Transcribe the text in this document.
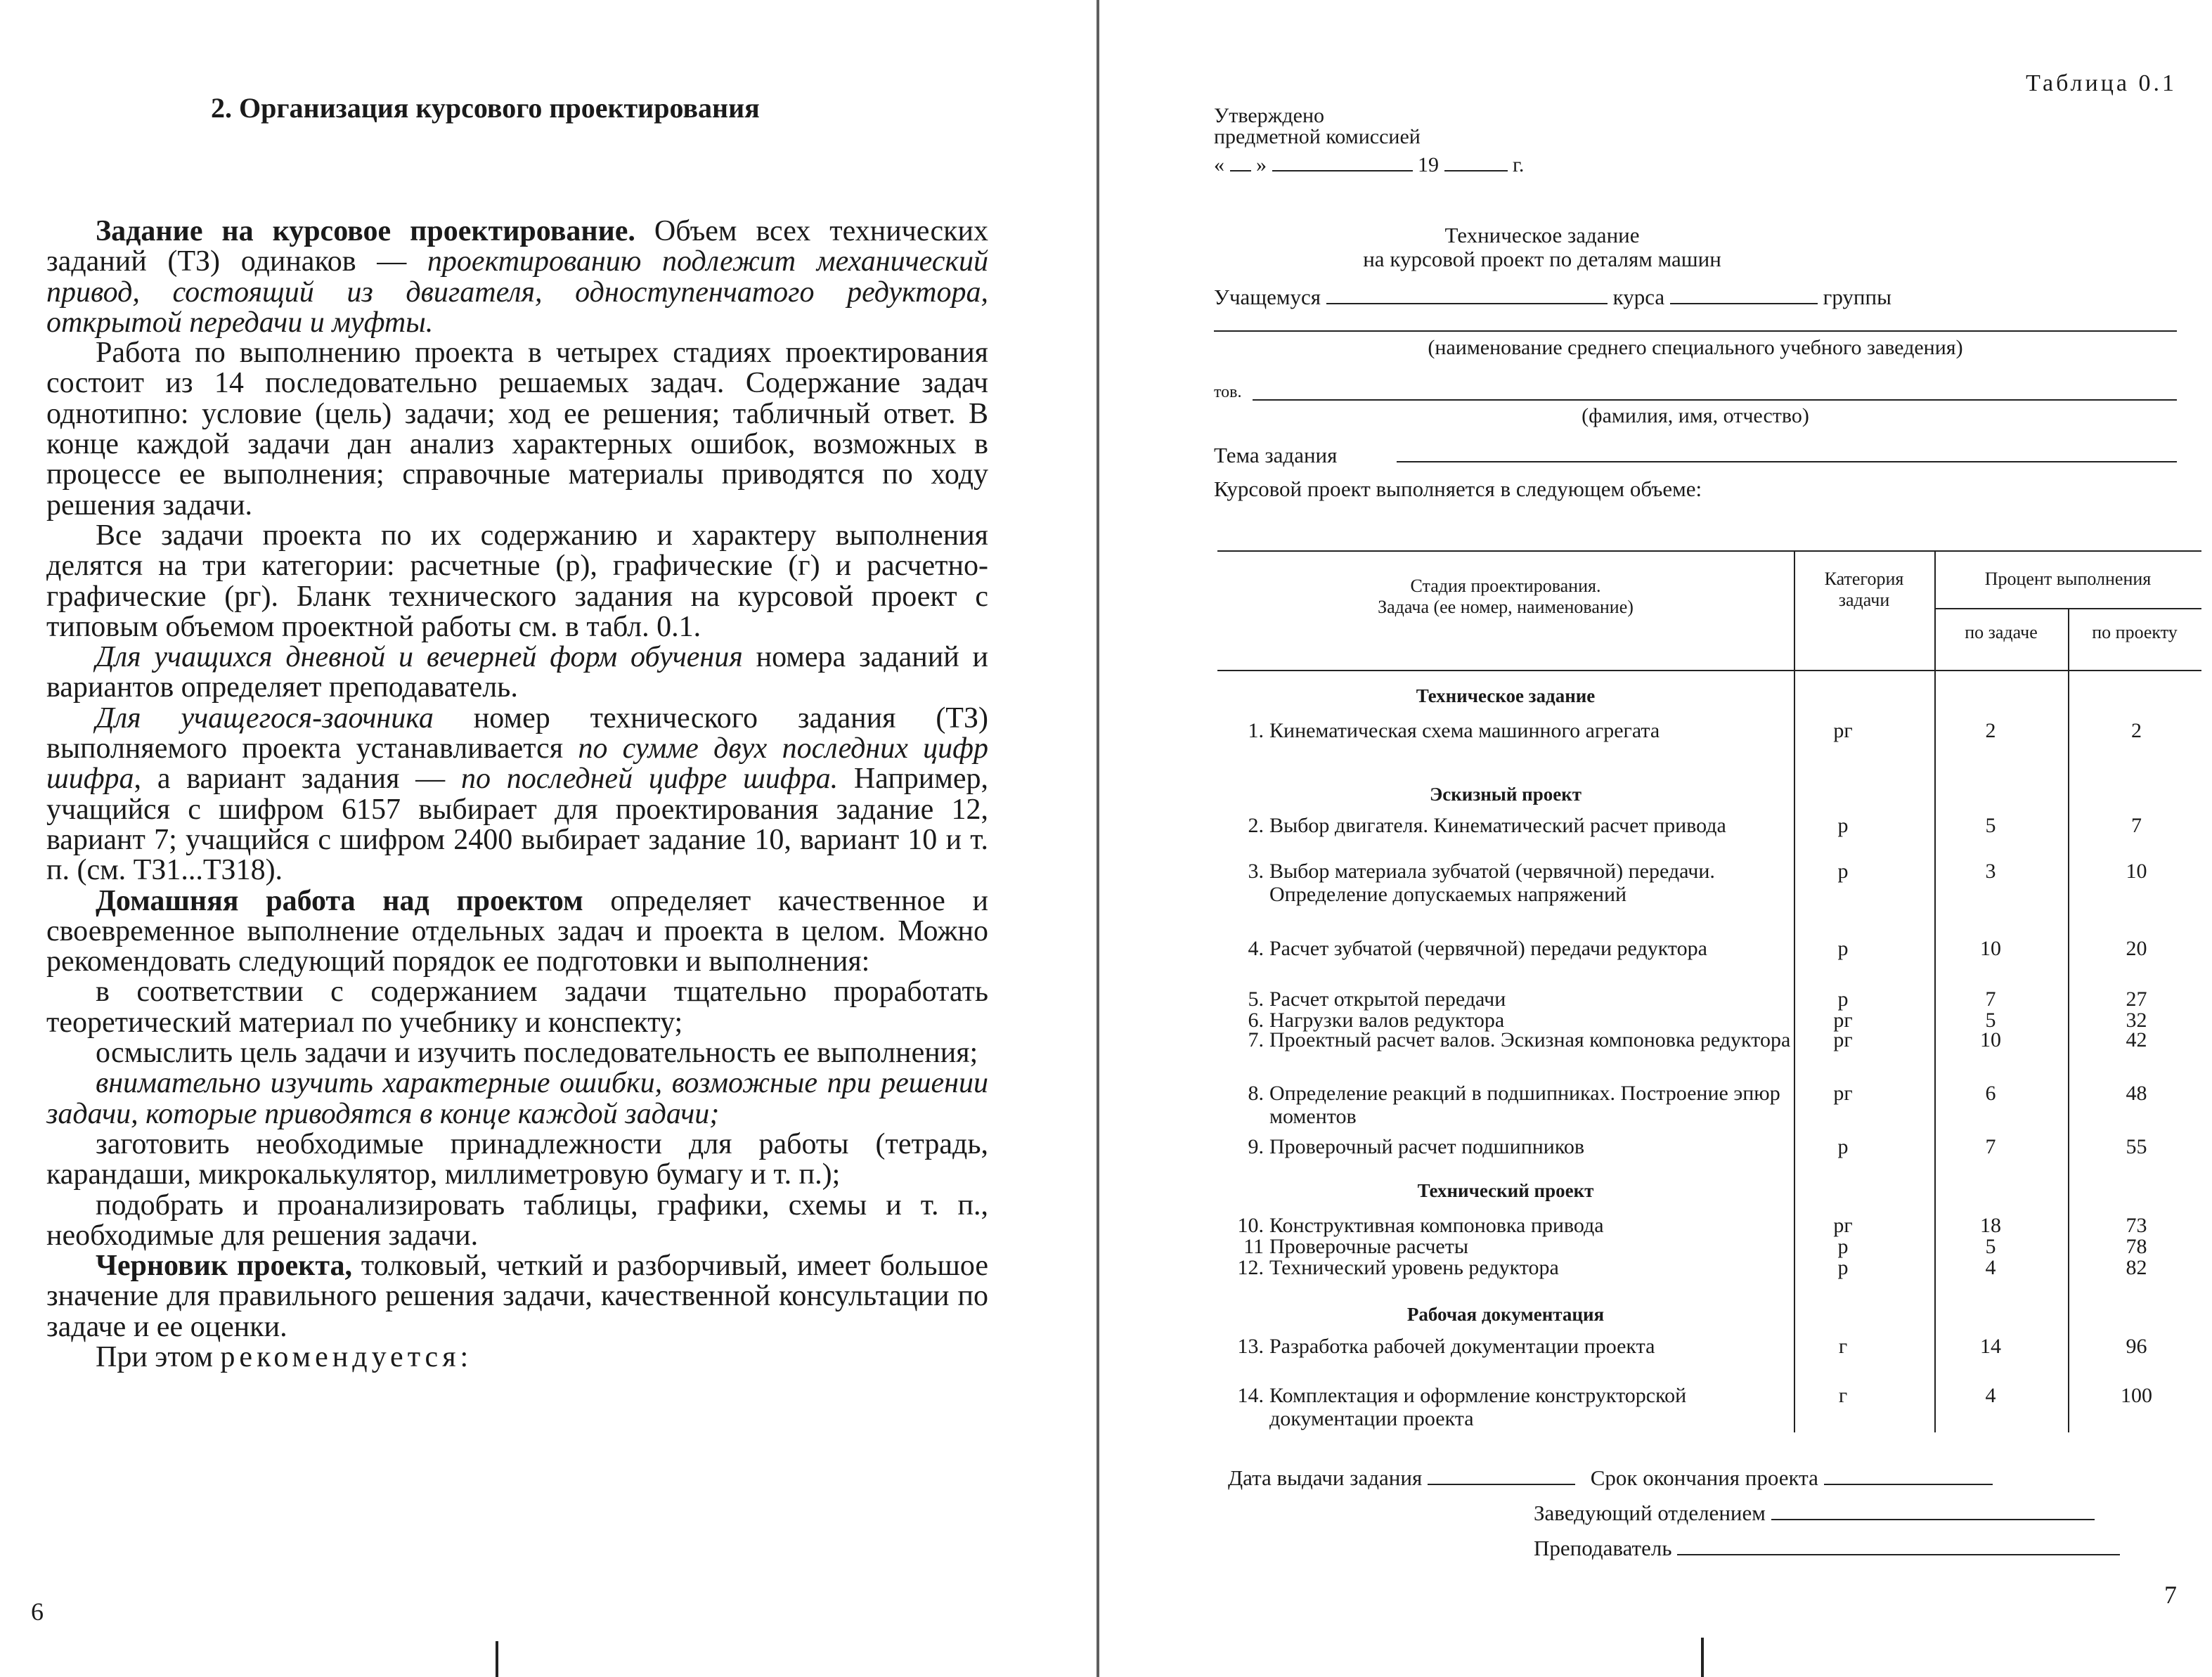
2. Организация курсового проектирования

Задание на курсовое проектирование. Объем всех технических заданий (ТЗ) одинаков — проектированию подлежит механический привод, состоящий из двигателя, одноступенчатого редуктора, открытой передачи и муфты.

Работа по выполнению проекта в четырех стадиях проектирования состоит из 14 последовательно решаемых задач. Содержание задач однотипно: условие (цель) задачи; ход ее решения; табличный ответ. В конце каждой задачи дан анализ характерных ошибок, возможных в процессе ее выполнения; справочные материалы приводятся по ходу решения задачи.

Все задачи проекта по их содержанию и характеру выполнения делятся на три категории: расчетные (р), графические (г) и расчетно-графические (рг). Бланк технического задания на курсовой проект с типовым объемом проектной работы см. в табл. 0.1.

Для учащихся дневной и вечерней форм обучения номера заданий и вариантов определяет преподаватель.

Для учащегося-заочника номер технического задания (ТЗ) выполняемого проекта устанавливается по сумме двух последних цифр шифра, а вариант задания — по последней цифре шифра. Например, учащийся с шифром 6157 выбирает для проектирования задание 12, вариант 7; учащийся с шифром 2400 выбирает задание 10, вариант 10 и т. п. (см. ТЗ1...ТЗ18).

Домашняя работа над проектом определяет качественное и своевременное выполнение отдельных задач и проекта в целом. Можно рекомендовать следующий порядок ее подготовки и выполнения:

в соответствии с содержанием задачи тщательно проработать теоретический материал по учебнику и конспекту;

осмыслить цель задачи и изучить последовательность ее выполнения;

внимательно изучить характерные ошибки, возможные при решении задачи, которые приводятся в конце каждой задачи;

заготовить необходимые принадлежности для работы (тетрадь, карандаши, микрокалькулятор, миллиметровую бумагу и т. п.);

подобрать и проанализировать таблицы, графики, схемы и т. п., необходимые для решения задачи.

Черновик проекта, толковый, четкий и разборчивый, имеет большое значение для правильного решения задачи, качественной консультации по задаче и ее оценки.

При этом рекомендуется:

6
Таблица 0.1
Утверждено
предметной комиссией
« »	19	г.
Техническое задание
на курсовой проект по деталям машин
Учащемуся	курса	группы
(наименование среднего специального учебного заведения)
тов.
(фамилия, имя, отчество)
Тема задания
Курсовой проект выполняется в следующем объеме:
Стадия проектирования.
Задача (ее номер, наименование)
Категория
задачи
Процент выполнения
по задаче	по проекту
Техническое задание
Эскизный проект
Технический проект
Рабочая документация
1. Кинематическая схема машинного агрегата	рг	2	2
2. Выбор двигателя. Кинематический расчет привода	р	5	7
3. Выбор материала зубчатой (червячной) передачи. Определение допускаемых напряжений
р	3	10
4. Расчет зубчатой (червячной) передачи редуктора	р	10	20
5. Расчет открытой передачи	р	7	27
6. Нагрузки валов редуктора	рг	5	32
7. Проектный расчет валов. Эскизная компоновка редуктора	рг	10	42
8. Определение реакций в подшипниках. Построение эпюр моментов
рг	6	48
9. Проверочный расчет подшипников	р	7	55
10. Конструктивная компоновка привода	рг	18	73
11 Проверочные расчеты	р	5	78
12. Технический уровень редуктора	р	4	82
13. Разработка рабочей документации проекта	г	14	96
14. Комплектация и оформление конструкторской документации проекта
г	4	100
Дата выдачи задания	Срок окончания проекта
Заведующий отделением
Преподаватель
7
